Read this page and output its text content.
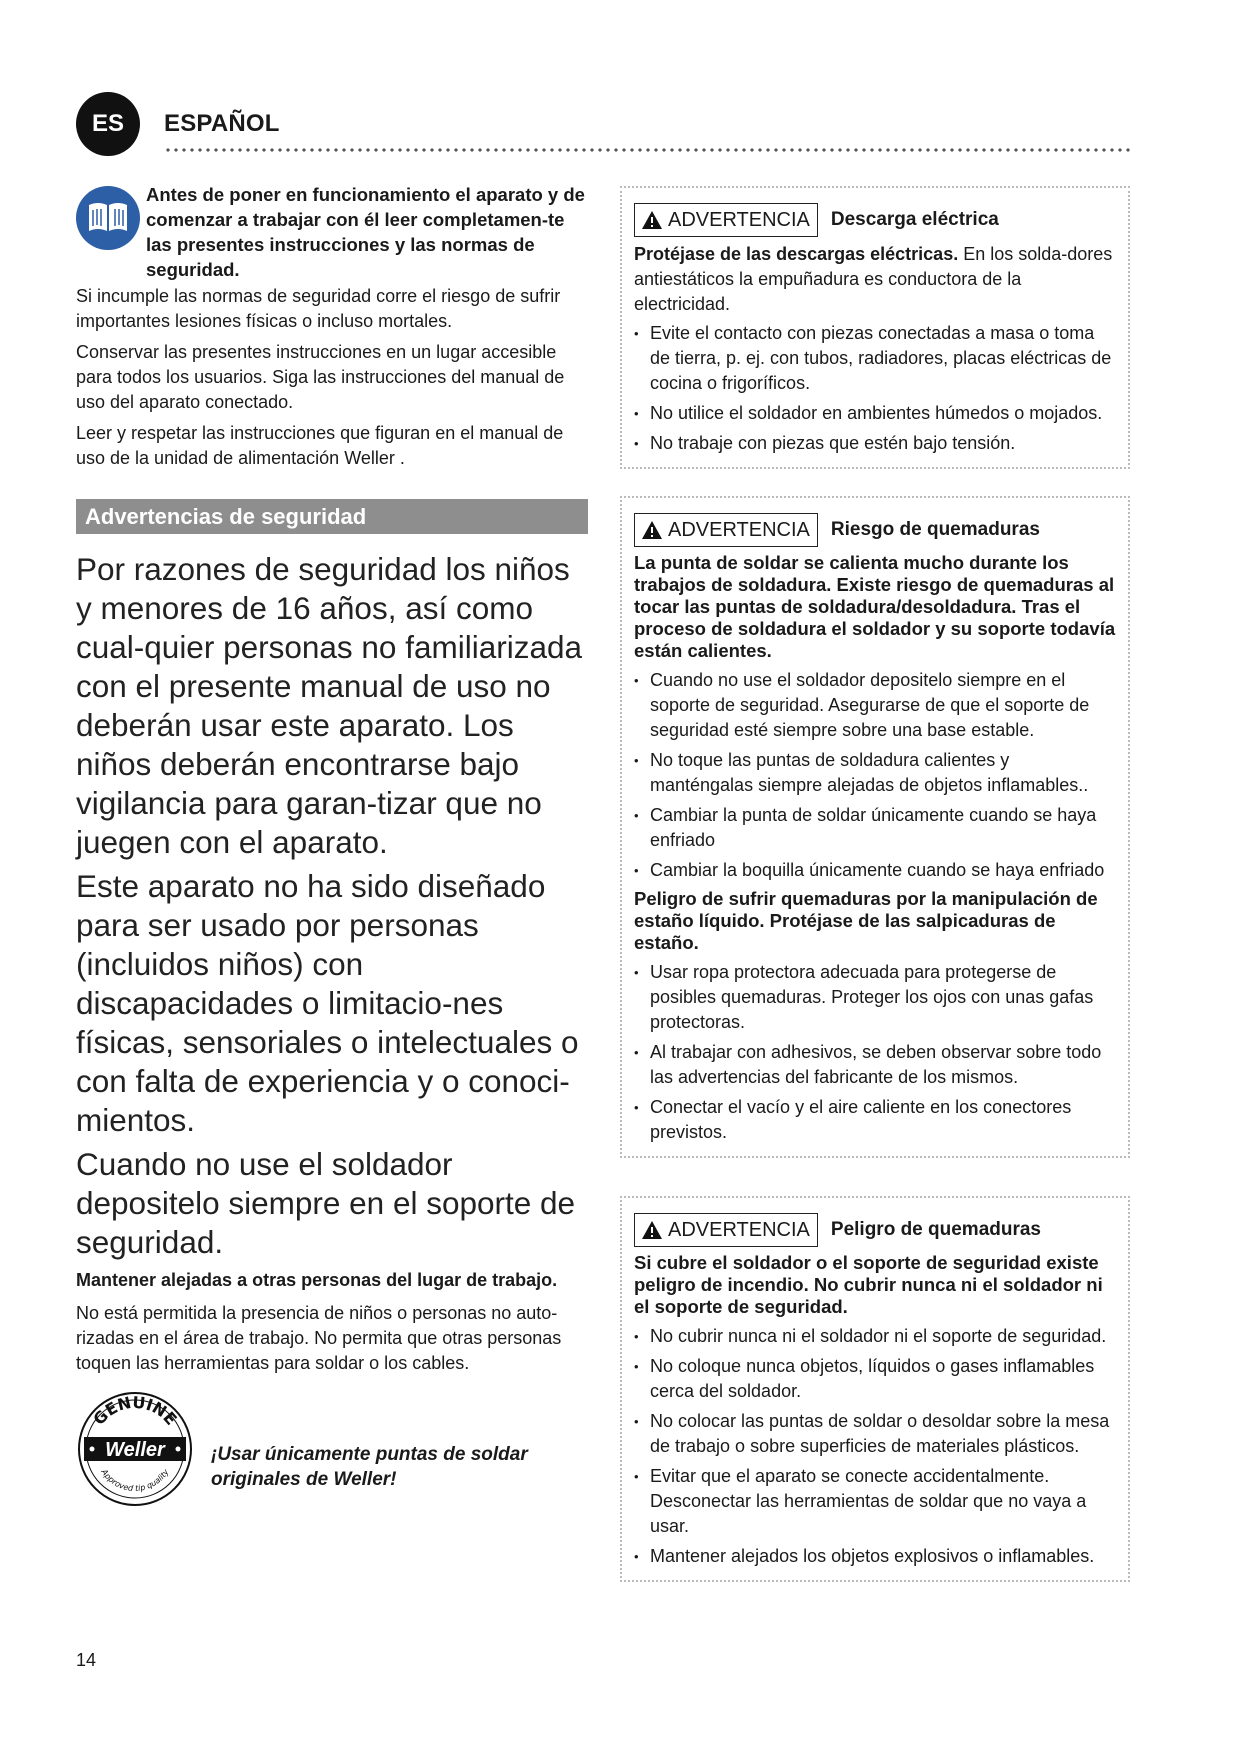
ES	ESPAÑOL
Antes de poner en funcionamiento el aparato y de comenzar a trabajar con él leer completamen-te las presentes instrucciones y las normas de seguridad.

Si incumple las normas de seguridad corre el riesgo de sufrir importantes lesiones físicas o incluso mortales.

Conservar las presentes instrucciones en un lugar accesible para todos los usuarios. Siga las instrucciones del manual de uso del aparato conectado.

Leer y respetar las instrucciones que figuran en el manual de uso de la unidad de alimentación Weller .

Advertencias de seguridad

Por razones de seguridad los niños y menores de 16 años, así como cual-quier personas no familiarizada con el presente manual de uso no deberán usar este aparato. Los niños deberán encontrarse bajo vigilancia para garan-tizar que no juegen con el aparato.

Este aparato no ha sido diseñado para ser usado por personas (incluidos niños) con discapacidades o limitacio-nes físicas, sensoriales o intelectuales o con falta de experiencia y o conoci-mientos.

Cuando no use el soldador depositelo siempre en el soporte de seguridad.

Mantener alejadas a otras personas del lugar de trabajo.

No está permitida la presencia de niños o personas no auto-rizadas en el área de trabajo. No permita que otras personas toquen las herramientas para soldar o los cables.

GENUINE
Weller
Approved tip quality
¡Usar únicamente puntas de soldar originales de Weller!
ADVERTENCIA Descarga eléctrica

Protéjase de las descargas eléctricas. En los solda-dores antiestáticos la empuñadura es conductora de la electricidad.

• Evite el contacto con piezas conectadas a masa o toma de tierra, p. ej. con tubos, radiadores, placas eléctricas de cocina o frigoríficos.
• No utilice el soldador en ambientes húmedos o mojados.
• No trabaje con piezas que estén bajo tensión.
ADVERTENCIA Riesgo de quemaduras

La punta de soldar se calienta mucho durante los trabajos de soldadura. Existe riesgo de quemaduras al tocar las puntas de soldadura/desoldadura. Tras el proceso de soldadura el soldador y su soporte todavía están calientes.

• Cuando no use el soldador depositelo siempre en el soporte de seguridad. Asegurarse de que el soporte de seguridad esté siempre sobre una base estable.
• No toque las puntas de soldadura calientes y manténgalas siempre alejadas de objetos inflamables..
• Cambiar la punta de soldar únicamente cuando se haya enfriado
• Cambiar la boquilla únicamente cuando se haya enfriado

Peligro de sufrir quemaduras por la manipulación de estaño líquido. Protéjase de las salpicaduras de estaño.

• Usar ropa protectora adecuada para protegerse de posibles quemaduras. Proteger los ojos con unas gafas protectoras.
• Al trabajar con adhesivos, se deben observar sobre todo las advertencias del fabricante de los mismos.
• Conectar el vacío y el aire caliente en los conectores previstos.
ADVERTENCIA Peligro de quemaduras

Si cubre el soldador o el soporte de seguridad existe peligro de incendio. No cubrir nunca ni el soldador ni el soporte de seguridad.

• No cubrir nunca ni el soldador ni el soporte de seguridad.
• No coloque nunca objetos, líquidos o gases inflamables cerca del soldador.
• No colocar las puntas de soldar o desoldar sobre la mesa de trabajo o sobre superficies de materiales plásticos.
• Evitar que el aparato se conecte accidentalmente. Desconectar las herramientas de soldar que no vaya a usar.
• Mantener alejados los objetos explosivos o inflamables.
14
